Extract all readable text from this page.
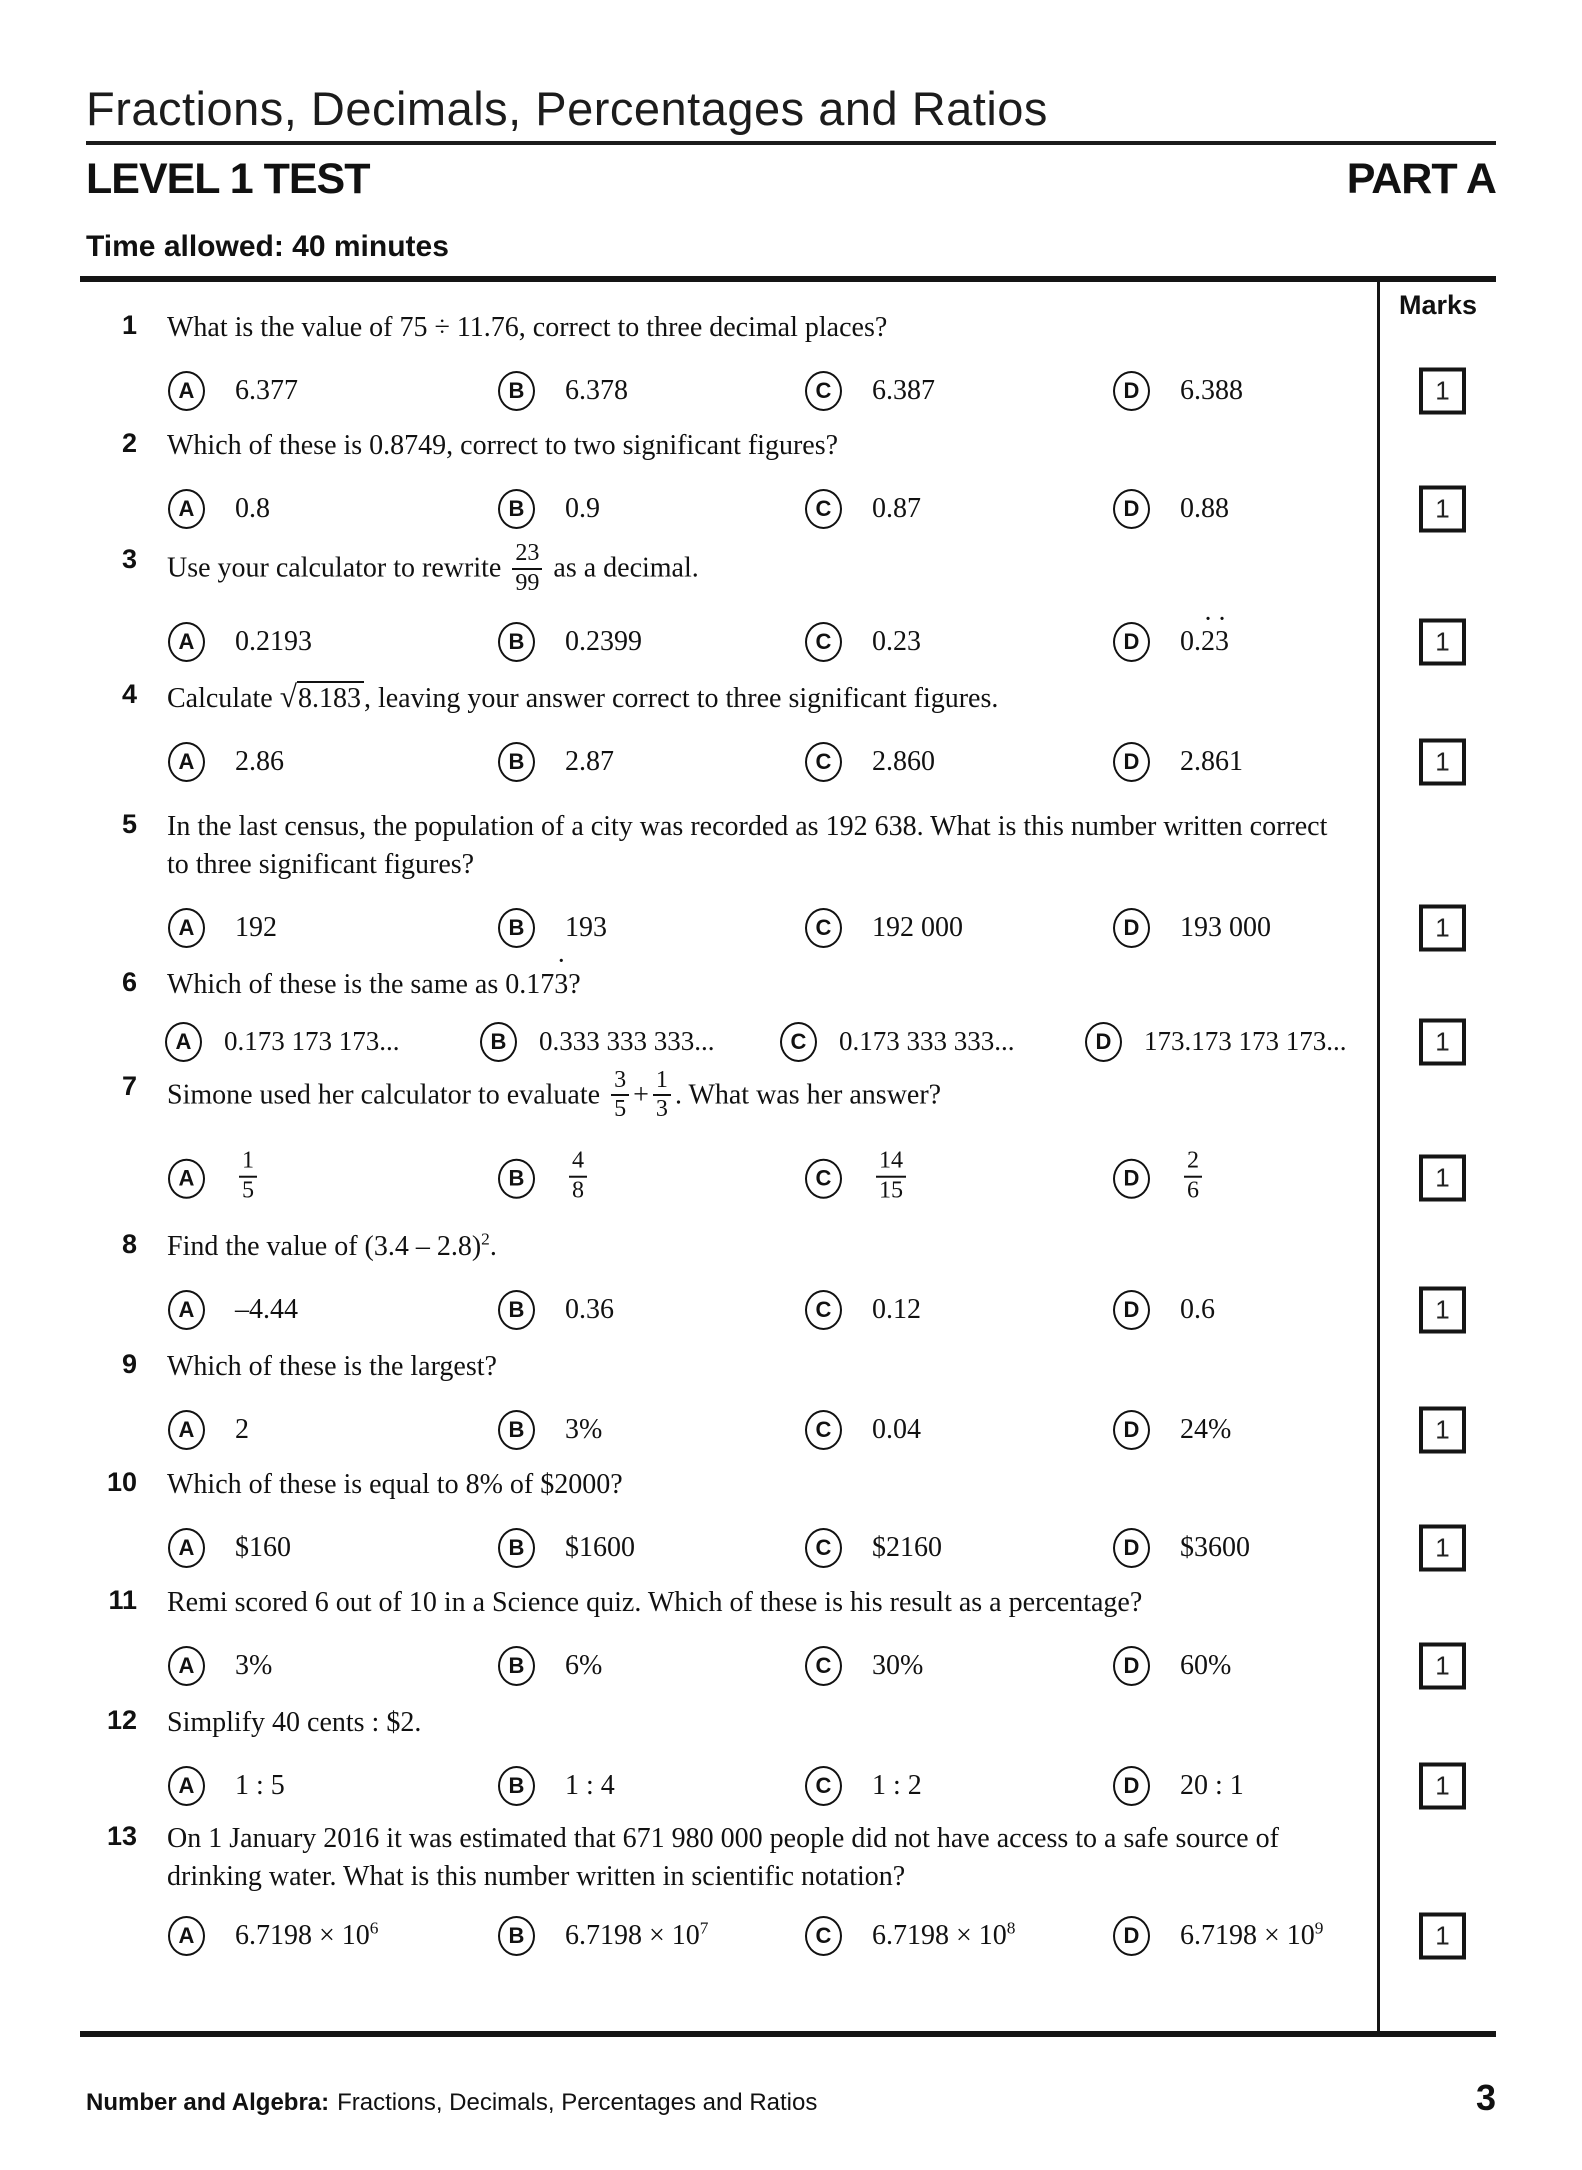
Fractions, Decimals, Percentages and Ratios
LEVEL 1 TEST	PART A
Time allowed: 40 minutes
Marks
1 What is the value of 75 ÷ 11.76, correct to three decimal places?
A	6.377	B	6.378	C	6.387	D	6.388	1
2 Which of these is 0.8749, correct to two significant figures?
A	0.8	B	0.9	C	0.87	D	0.88	1
3 Use your calculator to rewrite $\frac{23}{99}$ as a decimal.
A	0.2193	B	0.2399	C	0.23	D	0.2 ˙3 ˙	1
4 Calculate √8.183 , leaving your answer correct to three significant figures.
A	2.86	B	2.87	C	2.860	D	2.861	1
5 In the last census, the population of a city was recorded as 192 638. What is this number written correct to three significant figures?
A	192	B	193	C	192 000	D	193 000	1
6 Which of these is the same as 0.173 ˙?
A	0.173 173 173...	B	0.333 333 333...	C	0.173 333 333...	D	173.173 173 173...	1
7 Simone used her calculator to evaluate $\frac{3}{5} + \frac{1}{3}$ . What was her answer?
A	$\frac{1}{5}$	B	$\frac{4}{8}$	C	$\frac{14}{15}$	D	$\frac{2}{6}$	1
8 Find the value of (3.4 – 2.8)$^2$.
A	–4.44	B	0.36	C	0.12	D	0.6	1
9 Which of these is the largest?
A	2	B	3%	C	0.04	D	24%	1
10 Which of these is equal to 8% of $2000?
A	$160	B	$1600	C	$2160	D	$3600	1
11 Remi scored 6 out of 10 in a Science quiz. Which of these is his result as a percentage?
A	3%	B	6%	C	30%	D	60%	1
12 Simplify 40 cents : $2.
A	1 : 5	B	1 : 4	C	1 : 2	D	20 : 1	1
13 On 1 January 2016 it was estimated that 671 980 000 people did not have access to a safe source of drinking water. What is this number written in scientific notation?
A	$6.7198 \times 10^6$	B	$6.7198 \times 10^7$	C	$6.7198 \times 10^8$	D	$6.7198 \times 10^9$	1
Number and Algebra: Fractions, Decimals, Percentages and Ratios	3
